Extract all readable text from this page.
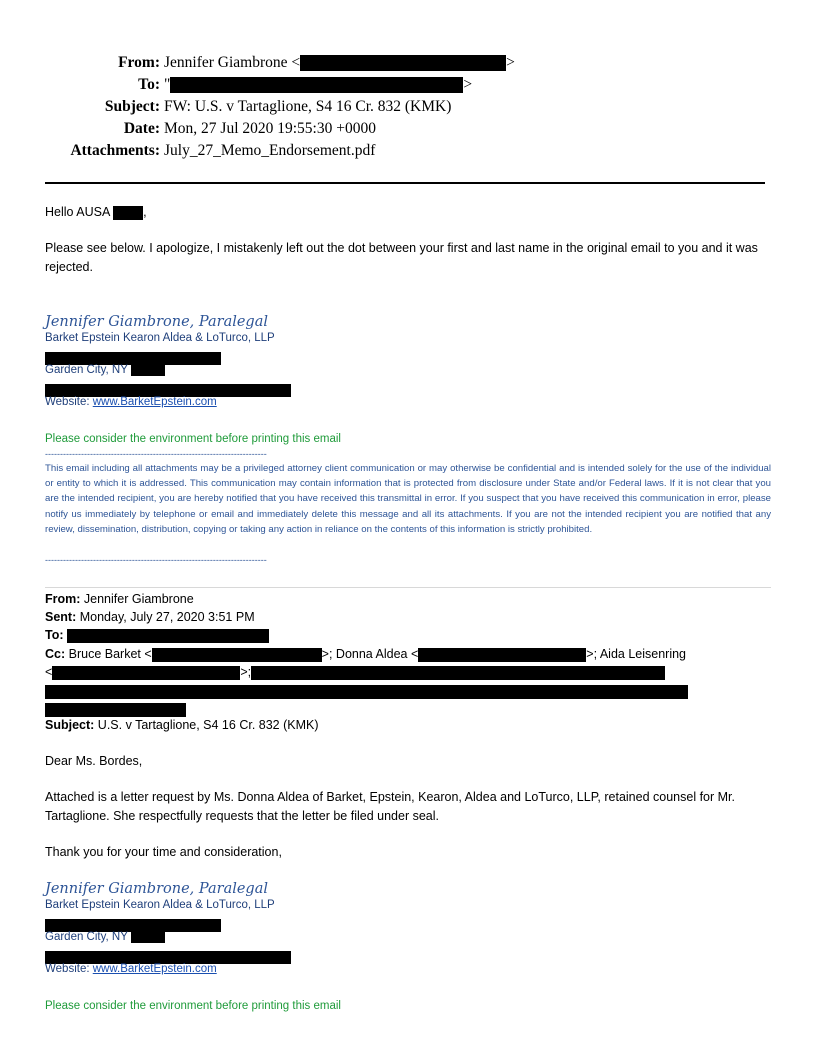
From: Jennifer Giambrone <	>
To: "	>
Subject: FW: U.S. v Tartaglione, S4 16 Cr. 832 (KMK)
Date: Mon, 27 Jul 2020 19:55:30 +0000
Attachments: July_27_Memo_Endorsement.pdf
Hello AUSA	,
Please see below. I apologize, I mistakenly left out the dot between your first and last name in the original email to you and it was rejected.
Jennifer Giambrone, Paralegal
Barket Epstein Kearon Aldea & LoTurco, LLP
Garden City, NY
Website: www.BarketEpstein.com
Please consider the environment before printing this email
--------------------------------------------------------------------------
This email including all attachments may be a privileged attorney client communication or may otherwise be confidential and is intended solely for the use of the individual or entity to which it is addressed. This communication may contain information that is protected from disclosure under State and/or Federal laws. If it is not clear that you are the intended recipient, you are hereby notified that you have received this transmittal in error. If you suspect that you have received this communication in error, please notify us immediately by telephone or email and immediately delete this message and all its attachments. If you are not the intended recipient you are notified that any review, dissemination, distribution, copying or taking any action in reliance on the contents of this information is strictly prohibited.
--------------------------------------------------------------------------
From: Jennifer Giambrone
Sent: Monday, July 27, 2020 3:51 PM
To:
Cc: Bruce Barket <	>; Donna Aldea <	>; Aida Leisenring
<	>;
Subject: U.S. v Tartaglione, S4 16 Cr. 832 (KMK)
Dear Ms. Bordes,
Attached is a letter request by Ms. Donna Aldea of Barket, Epstein, Kearon, Aldea and LoTurco, LLP, retained counsel for Mr. Tartaglione. She respectfully requests that the letter be filed under seal.
Thank you for your time and consideration,
Jennifer Giambrone, Paralegal
Barket Epstein Kearon Aldea & LoTurco, LLP
Garden City, NY
Website: www.BarketEpstein.com
Please consider the environment before printing this email
